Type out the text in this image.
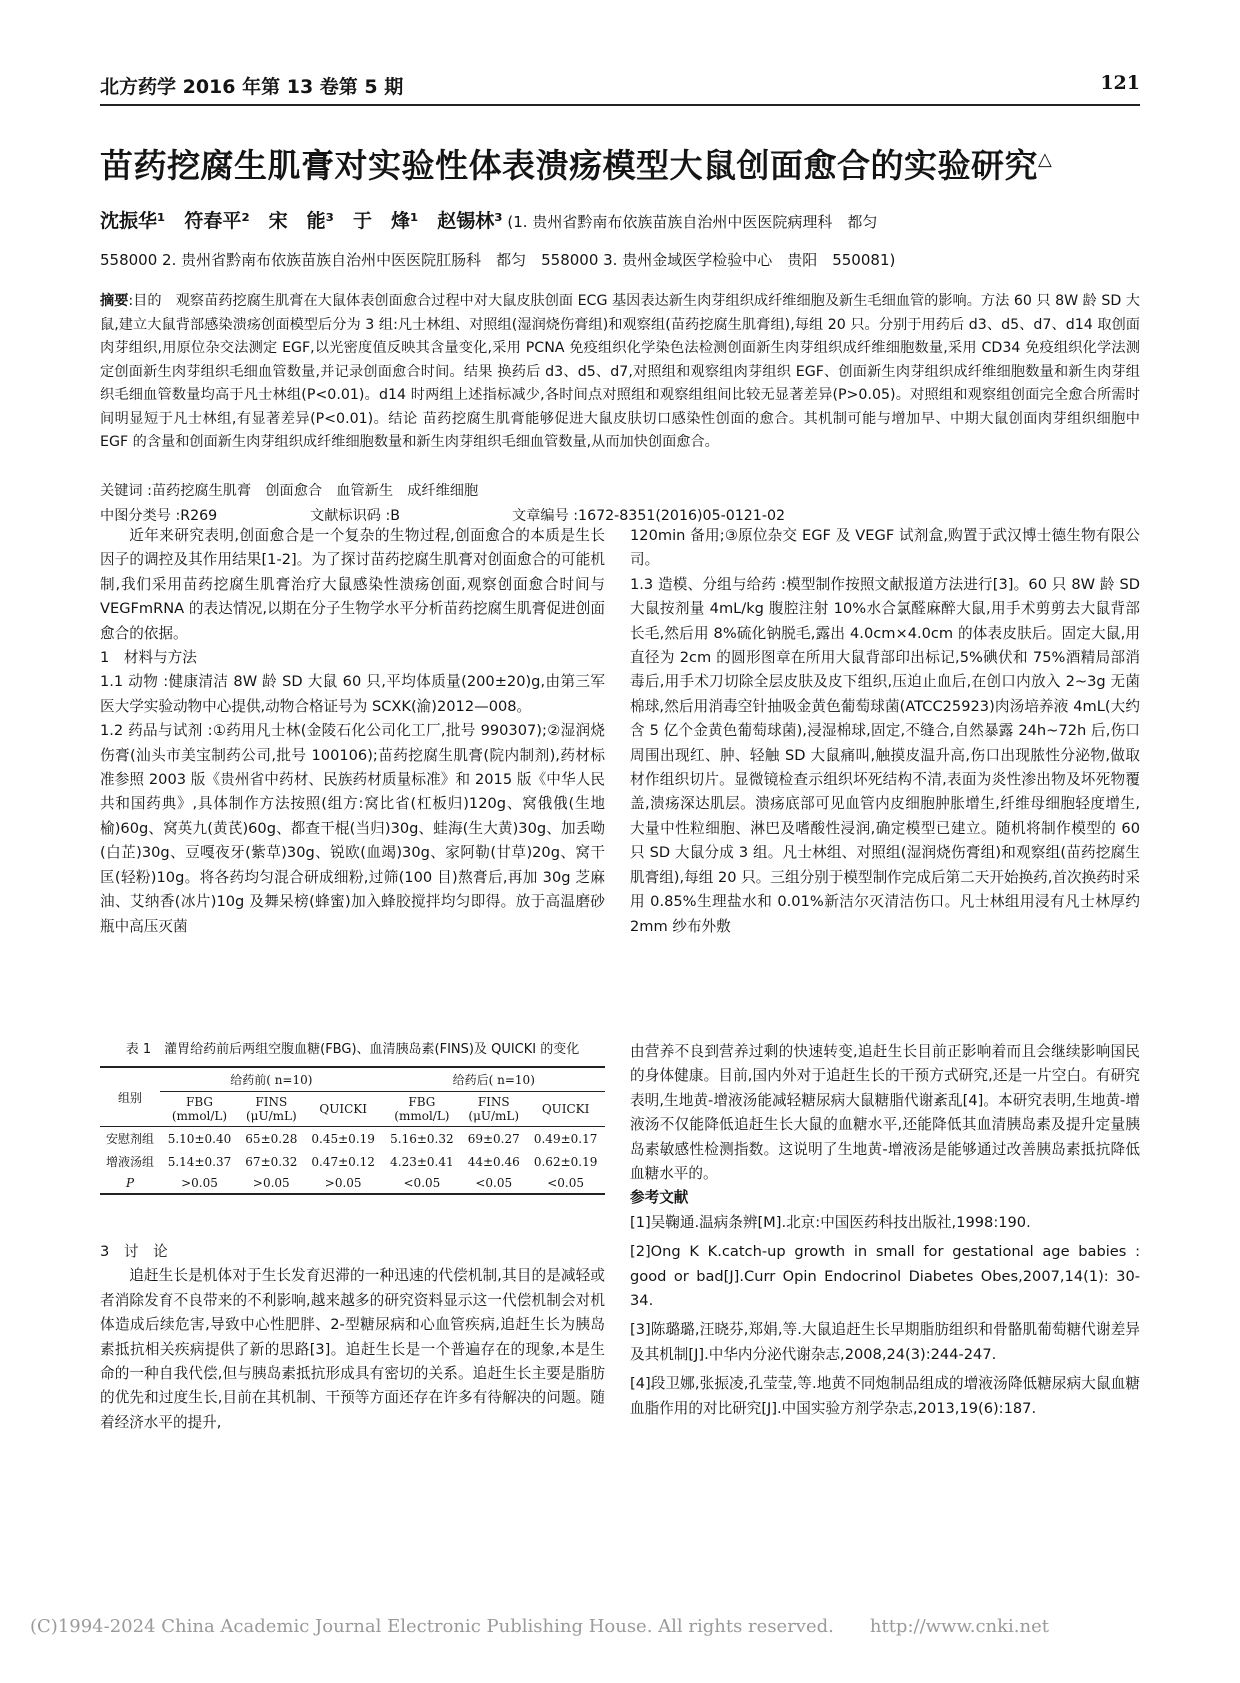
北方药学 2016 年第 13 卷第 5 期	121
苗药挖腐生肌膏对实验性体表溃疡模型大鼠创面愈合的实验研究△
沈振华¹　符春平²　宋　能³　于　烽¹　赵锡林³ (1. 贵州省黔南布依族苗族自治州中医医院病理科　都匀
558000 2. 贵州省黔南布依族苗族自治州中医医院肛肠科　都匀　558000 3. 贵州金域医学检验中心　贵阳　550081)
摘要:目的　观察苗药挖腐生肌膏在大鼠体表创面愈合过程中对大鼠皮肤创面 ECG 基因表达新生肉芽组织成纤维细胞及新生毛细血管的影响。方法 60 只 8W 龄 SD 大鼠,建立大鼠背部感染溃疡创面模型后分为 3 组:凡士林组、对照组(湿润烧伤膏组)和观察组(苗药挖腐生肌膏组),每组 20 只。分别于用药后 d3、d5、d7、d14 取创面肉芽组织,用原位杂交法测定 EGF,以光密度值反映其含量变化,采用 PCNA 免疫组织化学染色法检测创面新生肉芽组织成纤维细胞数量,采用 CD34 免疫组织化学法测定创面新生肉芽组织毛细血管数量,并记录创面愈合时间。结果 换药后 d3、d5、d7,对照组和观察组肉芽组织 EGF、创面新生肉芽组织成纤维细胞数量和新生肉芽组织毛细血管数量均高于凡士林组(P<0.01)。d14 时两组上述指标减少,各时间点对照组和观察组组间比较无显著差异(P>0.05)。对照组和观察组创面完全愈合所需时间明显短于凡士林组,有显著差异(P<0.01)。结论 苗药挖腐生肌膏能够促进大鼠皮肤切口感染性创面的愈合。其机制可能与增加早、中期大鼠创面肉芽组织细胞中 EGF 的含量和创面新生肉芽组织成纤维细胞数量和新生肉芽组织毛细血管数量,从而加快创面愈合。
关键词 :苗药挖腐生肌膏　创面愈合　血管新生　成纤维细胞
中图分类号 :R269	文献标识码 :B	文章编号 :1672-8351(2016)05-0121-02

近年来研究表明,创面愈合是一个复杂的生物过程,创面愈合的本质是生长因子的调控及其作用结果[1-2]。为了探讨苗药挖腐生肌膏对创面愈合的可能机制,我们采用苗药挖腐生肌膏治疗大鼠感染性溃疡创面,观察创面愈合时间与 VEGFmRNA 的表达情况,以期在分子生物学水平分析苗药挖腐生肌膏促进创面愈合的依据。

1　材料与方法

1.1 动物 :健康清洁 8W 龄 SD 大鼠 60 只,平均体质量(200±20)g,由第三军医大学实验动物中心提供,动物合格证号为 SCXK(渝)2012—008。

1.2 药品与试剂 :①药用凡士林(金陵石化公司化工厂,批号 990307);②湿润烧伤膏(汕头市美宝制药公司,批号 100106);苗药挖腐生肌膏(院内制剂),药材标准参照 2003 版《贵州省中药材、民族药材质量标准》和 2015 版《中华人民共和国药典》,具体制作方法按照(组方:窝比省(杠板归)120g、窝俄俄(生地榆)60g、窝英九(黄芪)60g、都查干棍(当归)30g、蛙海(生大黄)30g、加丢呦(白芷)30g、豆嘎夜牙(紫草)30g、锐欧(血竭)30g、家阿勒(甘草)20g、窝干匡(轻粉)10g。将各药均匀混合研成细粉,过筛(100 目)熬膏后,再加 30g 芝麻油、艾纳香(冰片)10g 及舞呆榜(蜂蜜)加入蜂胶搅拌均匀即得。放于高温磨砂瓶中高压灭菌

120min 备用;③原位杂交 EGF 及 VEGF 试剂盒,购置于武汉博士德生物有限公司。

1.3 造模、分组与给药 :模型制作按照文献报道方法进行[3]。60 只 8W 龄 SD 大鼠按剂量 4mL/kg 腹腔注射 10%水合氯醛麻醉大鼠,用手术剪剪去大鼠背部长毛,然后用 8%硫化钠脱毛,露出 4.0cm×4.0cm 的体表皮肤后。固定大鼠,用直径为 2cm 的圆形图章在所用大鼠背部印出标记,5%碘伏和 75%酒精局部消毒后,用手术刀切除全层皮肤及皮下组织,压迫止血后,在创口内放入 2~3g 无菌棉球,然后用消毒空针抽吸金黄色葡萄球菌(ATCC25923)肉汤培养液 4mL(大约含 5 亿个金黄色葡萄球菌),浸湿棉球,固定,不缝合,自然暴露 24h~72h 后,伤口周围出现红、肿、轻触 SD 大鼠痛叫,触摸皮温升高,伤口出现脓性分泌物,做取材作组织切片。显微镜检查示组织坏死结构不清,表面为炎性渗出物及坏死物覆盖,溃疡深达肌层。溃疡底部可见血管内皮细胞肿胀增生,纤维母细胞轻度增生,大量中性粒细胞、淋巴及嗜酸性浸润,确定模型已建立。随机将制作模型的 60 只 SD 大鼠分成 3 组。凡士林组、对照组(湿润烧伤膏组)和观察组(苗药挖腐生肌膏组),每组 20 只。三组分别于模型制作完成后第二天开始换药,首次换药时采用 0.85%生理盐水和 0.01%新洁尔灭清洁伤口。凡士林组用浸有凡士林厚约 2mm 纱布外敷

表 1　灌胃给药前后两组空腹血糖(FBG)、血清胰岛素(FINS)及 QUICKI 的变化
组别	给药前( n=10)			给药后( n=10)		
	FBG
(mmol/L)	FINS
(μU/mL)	QUICKI	FBG
(mmol/L)	FINS
(μU/mL)	QUICKI
安慰剂组	5.10±0.40	65±0.28	0.45±0.19	5.16±0.32	69±0.27	0.49±0.17
增液汤组	5.14±0.37	67±0.32	0.47±0.12	4.23±0.41	44±0.46	0.62±0.19
P	>0.05	>0.05	>0.05	<0.05	<0.05	<0.05

3　讨　论

追赶生长是机体对于生长发育迟滞的一种迅速的代偿机制,其目的是减轻或者消除发育不良带来的不利影响,越来越多的研究资料显示这一代偿机制会对机体造成后续危害,导致中心性肥胖、2-型糖尿病和心血管疾病,追赶生长为胰岛素抵抗相关疾病提供了新的思路[3]。追赶生长是一个普遍存在的现象,本是生命的一种自我代偿,但与胰岛素抵抗形成具有密切的关系。追赶生长主要是脂肪的优先和过度生长,目前在其机制、干预等方面还存在许多有待解决的问题。随着经济水平的提升,

由营养不良到营养过剩的快速转变,追赶生长目前正影响着而且会继续影响国民的身体健康。目前,国内外对于追赶生长的干预方式研究,还是一片空白。有研究表明,生地黄-增液汤能减轻糖尿病大鼠糖脂代谢紊乱[4]。本研究表明,生地黄-增液汤不仅能降低追赶生长大鼠的血糖水平,还能降低其血清胰岛素及提升定量胰岛素敏感性检测指数。这说明了生地黄-增液汤是能够通过改善胰岛素抵抗降低血糖水平的。

参考文献

[1]吴鞠通.温病条辨[M].北京:中国医药科技出版社,1998:190.

[2]Ong K K.catch-up growth in small for gestational age babies : good or bad[J].Curr Opin Endocrinol Diabetes Obes,2007,14(1): 30-34.

[3]陈璐璐,汪晓芬,郑娟,等.大鼠追赶生长早期脂肪组织和骨骼肌葡萄糖代谢差异及其机制[J].中华内分泌代谢杂志,2008,24(3):244-247.

[4]段卫娜,张振凌,孔莹莹,等.地黄不同炮制品组成的增液汤降低糖尿病大鼠血糖血脂作用的对比研究[J].中国实验方剂学杂志,2013,19(6):187.

(C)1994-2024 China Academic Journal Electronic Publishing House. All rights reserved.　　http://www.cnki.net
